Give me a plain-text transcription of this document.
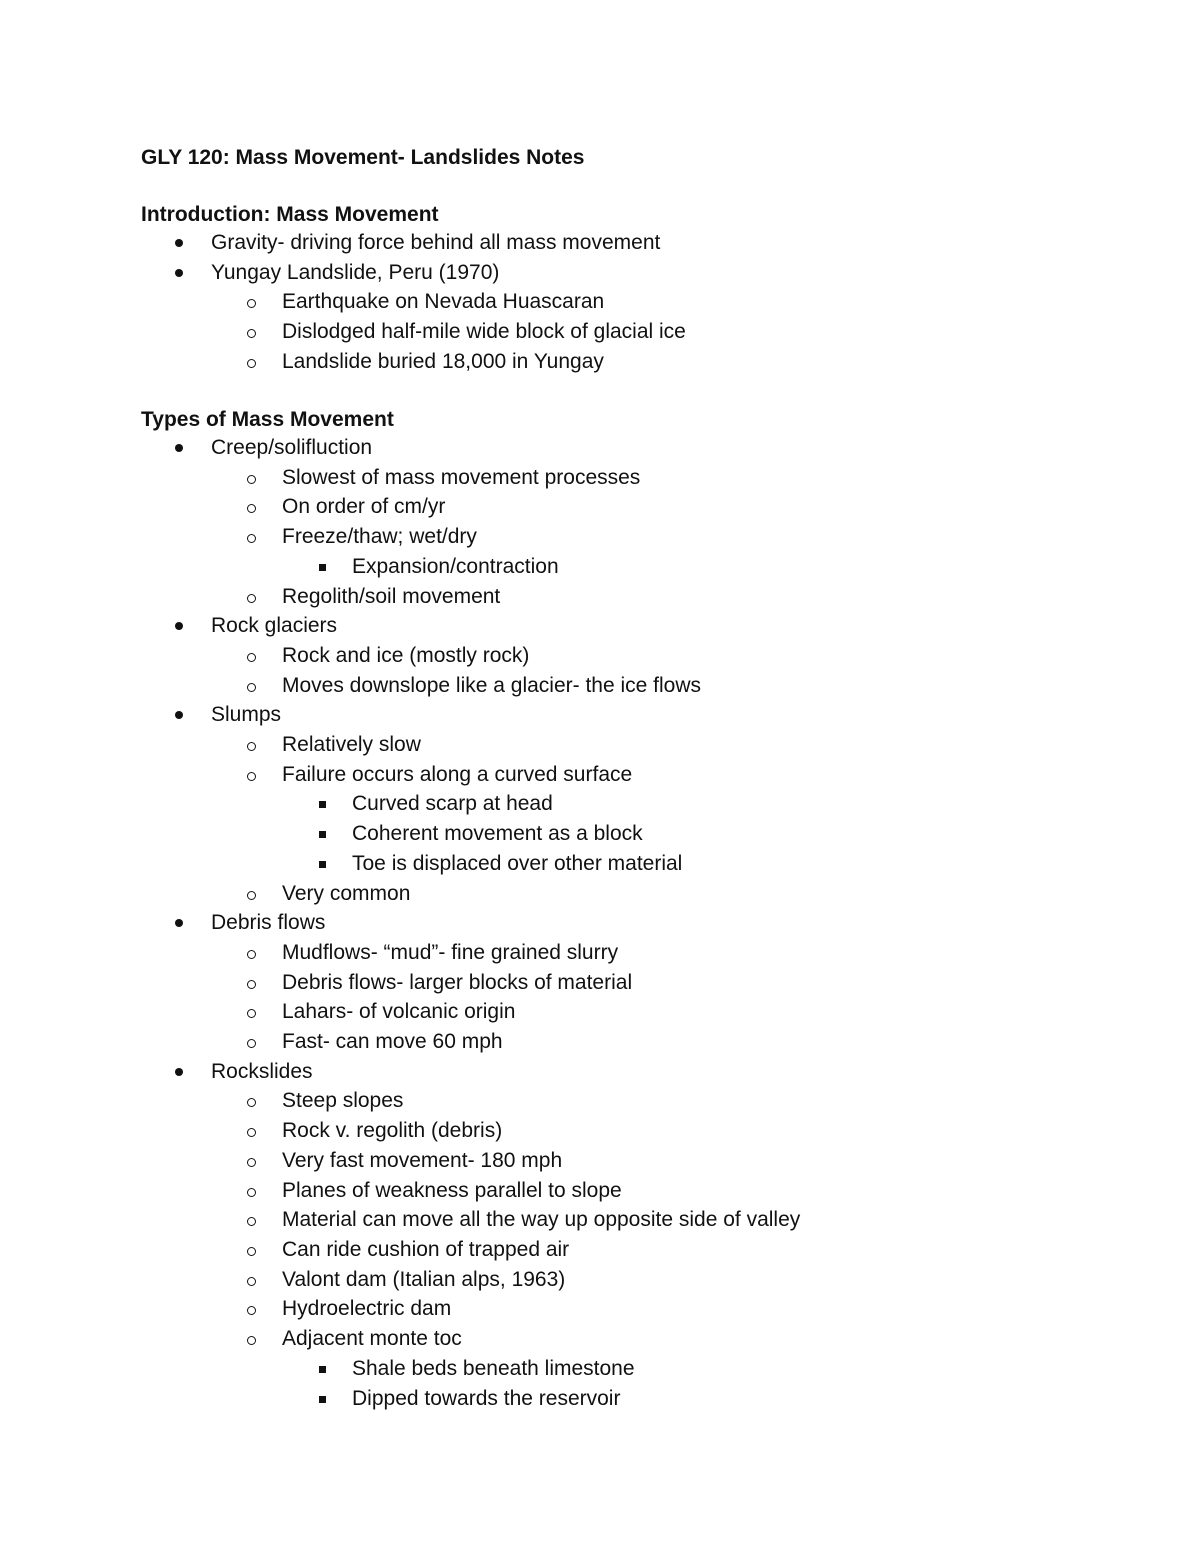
GLY 120: Mass Movement- Landslides Notes
Introduction: Mass Movement
Gravity- driving force behind all mass movement
Yungay Landslide, Peru (1970)
Earthquake on Nevada Huascaran
Dislodged half-mile wide block of glacial ice
Landslide buried 18,000 in Yungay
Types of Mass Movement
Creep/solifluction
Slowest of mass movement processes
On order of cm/yr
Freeze/thaw; wet/dry
Expansion/contraction
Regolith/soil movement
Rock glaciers
Rock and ice (mostly rock)
Moves downslope like a glacier- the ice flows
Slumps
Relatively slow
Failure occurs along a curved surface
Curved scarp at head
Coherent movement as a block
Toe is displaced over other material
Very common
Debris flows
Mudflows- “mud”- fine grained slurry
Debris flows- larger blocks of material
Lahars- of volcanic origin
Fast- can move 60 mph
Rockslides
Steep slopes
Rock v. regolith (debris)
Very fast movement- 180 mph
Planes of weakness parallel to slope
Material can move all the way up opposite side of valley
Can ride cushion of trapped air
Valont dam (Italian alps, 1963)
Hydroelectric dam
Adjacent monte toc
Shale beds beneath limestone
Dipped towards the reservoir
